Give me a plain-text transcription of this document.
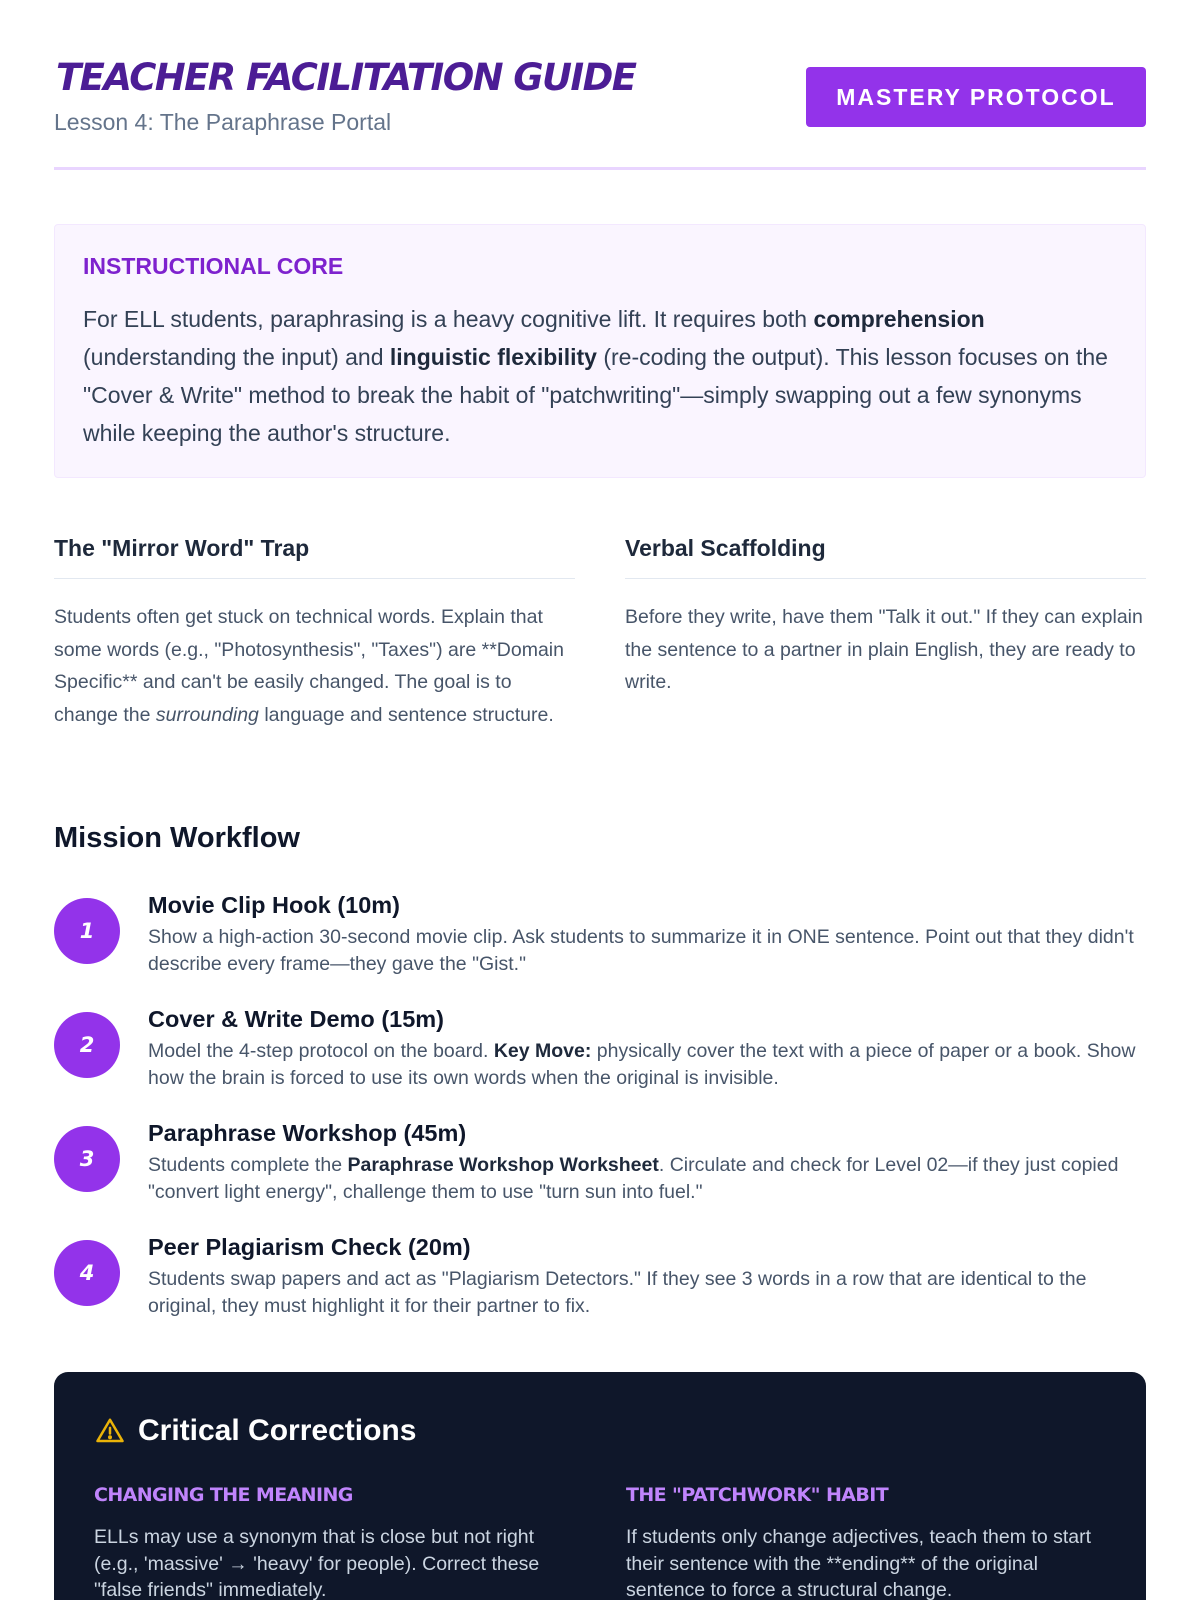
TEACHER FACILITATION GUIDE
Lesson 4: The Paraphrase Portal
MASTERY PROTOCOL
INSTRUCTIONAL CORE

For ELL students, paraphrasing is a heavy cognitive lift. It requires both comprehension (understanding the input) and linguistic flexibility (re-coding the output). This lesson focuses on the "Cover & Write" method to break the habit of "patchwriting"—simply swapping out a few synonyms while keeping the author's structure.

The "Mirror Word" Trap

Students often get stuck on technical words. Explain that some words (e.g., "Photosynthesis", "Taxes") are **Domain Specific** and can't be easily changed. The goal is to change the surrounding language and sentence structure.

Verbal Scaffolding

Before they write, have them "Talk it out." If they can explain the sentence to a partner in plain English, they are ready to write.

Mission Workflow
1
Movie Clip Hook (10m)

Show a high-action 30-second movie clip. Ask students to summarize it in ONE sentence. Point out that they didn't describe every frame—they gave the "Gist."

2
Cover & Write Demo (15m)

Model the 4-step protocol on the board. Key Move: physically cover the text with a piece of paper or a book. Show how the brain is forced to use its own words when the original is invisible.

3
Paraphrase Workshop (45m)

Students complete the Paraphrase Workshop Worksheet. Circulate and check for Level 02—if they just copied "convert light energy", challenge them to use "turn sun into fuel."

4
Peer Plagiarism Check (20m)

Students swap papers and act as "Plagiarism Detectors." If they see 3 words in a row that are identical to the original, they must highlight it for their partner to fix.

Critical Corrections
CHANGING THE MEANING

ELLs may use a synonym that is close but not right (e.g., 'massive' → 'heavy' for people). Correct these "false friends" immediately.

THE "PATCHWORK" HABIT

If students only change adjectives, teach them to start their sentence with the **ending** of the original sentence to force a structural change.
